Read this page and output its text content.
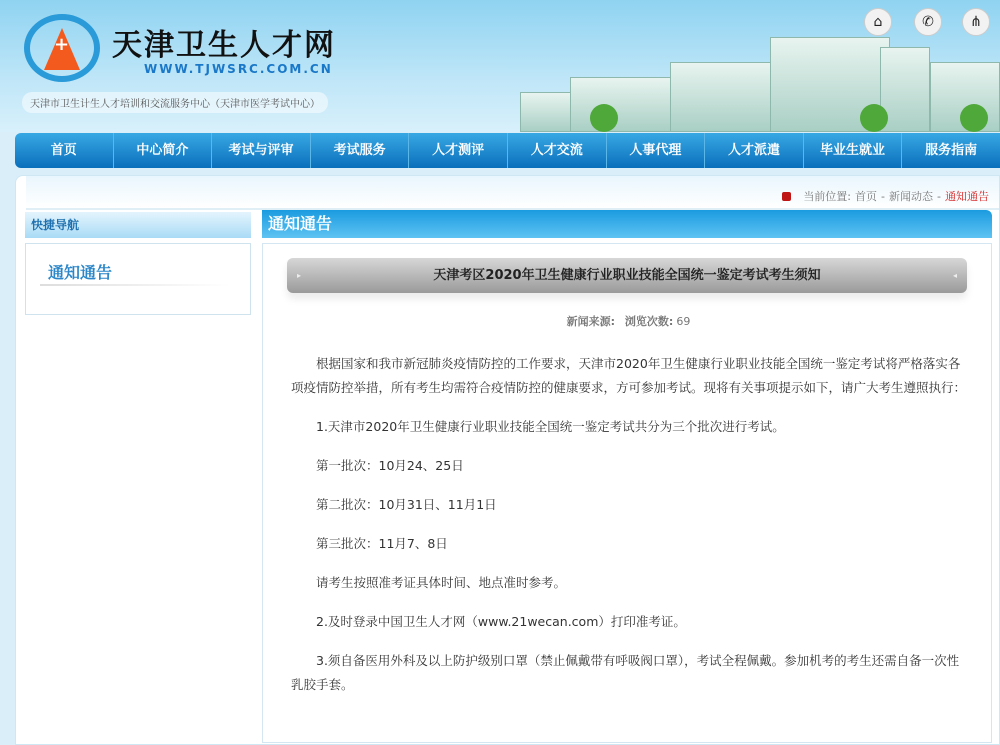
+ 天津卫生人才网
WWW.TJWSRC.COM.CN
天津市卫生计生人才培训和交流服务中心（天津市医学考试中心）
⌂	✆	⋔
首页	中心简介	考试与评审	考试服务	人才测评	人才交流	人事代理	人才派遣	毕业生就业	服务指南
当前位置: 首页 - 新闻动态 - 通知通告
快捷导航
通知通告
通知通告
▸	天津考区2020年卫生健康行业职业技能全国统一鉴定考试考生须知	◂
新闻来源: 浏览次数: 69

根据国家和我市新冠肺炎疫情防控的工作要求，天津市2020年卫生健康行业职业技能全国统一鉴定考试将严格落实各项疫情防控举措，所有考生均需符合疫情防控的健康要求，方可参加考试。现将有关事项提示如下，请广大考生遵照执行：

1.天津市2020年卫生健康行业职业技能全国统一鉴定考试共分为三个批次进行考试。

第一批次：10月24、25日

第二批次：10月31日、11月1日

第三批次：11月7、8日

请考生按照准考证具体时间、地点准时参考。

2.及时登录中国卫生人才网（www.21wecan.com）打印准考证。

3.须自备医用外科及以上防护级别口罩（禁止佩戴带有呼吸阀口罩），考试全程佩戴。参加机考的考生还需自备一次性乳胶手套。
